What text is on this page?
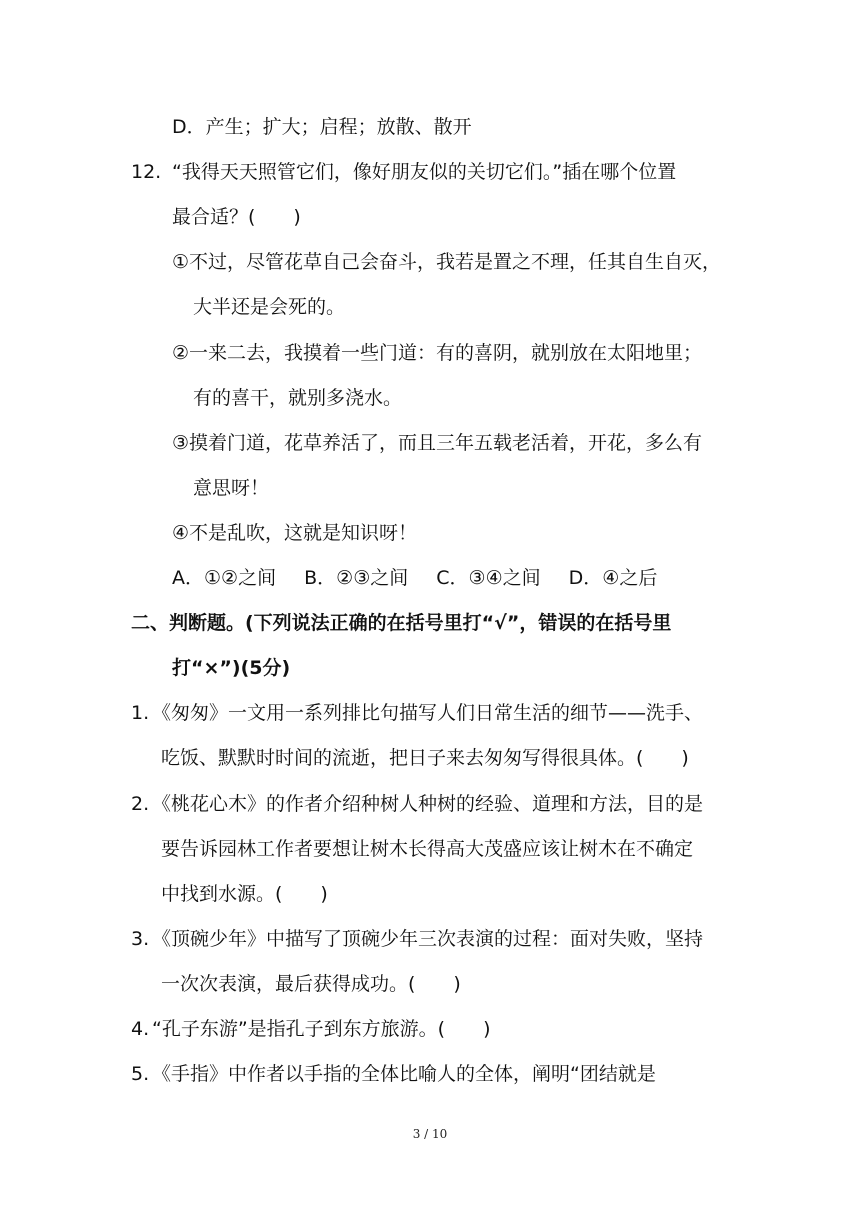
D．产生；扩大；启程；放散、散开
12. “我得天天照管它们，像好朋友似的关切它们。”插在哪个位置
最合适？(　　)
①不过，尽管花草自己会奋斗，我若是置之不理，任其自生自灭，
大半还是会死的。
②一来二去，我摸着一些门道：有的喜阴，就别放在太阳地里；
有的喜干，就别多浇水。
③摸着门道，花草养活了，而且三年五载老活着，开花，多么有
意思呀！
④不是乱吹，这就是知识呀！
A．①②之间 B．②③之间 C．③④之间 D．④之后
二、判断题。(下列说法正确的在括号里打“√”，错误的在括号里
打“×”)(5分)
1. 《匆匆》一文用一系列排比句描写人们日常生活的细节——洗手、
吃饭、默默时时间的流逝，把日子来去匆匆写得很具体。(　　)
2. 《桃花心木》的作者介绍种树人种树的经验、道理和方法，目的是
要告诉园林工作者要想让树木长得高大茂盛应该让树木在不确定
中找到水源。(　　)
3. 《顶碗少年》中描写了顶碗少年三次表演的过程：面对失败，坚持
一次次表演，最后获得成功。(　　)
4. “孔子东游”是指孔子到东方旅游。(　　)
5. 《手指》中作者以手指的全体比喻人的全体，阐明“团结就是
3 / 10
